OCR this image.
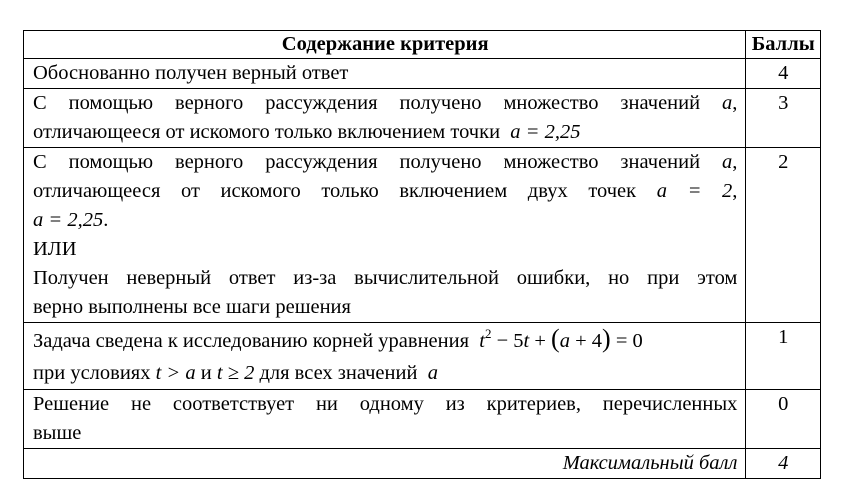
Содержание критерия	Баллы
Обоснованно получен верный ответ	4

С помощью верного рассуждения получено множество значений a,
отличающееся от искомого только включением точки a = 2,25	3

С помощью верного рассуждения получено множество значений a,
отличающееся от искомого только включением двух точек a = 2,
a = 2,25.
ИЛИ
Получен неверный ответ из-за вычислительной ошибки, но при этом
верно выполнены все шаги решения
	2

Задача сведена к исследованию корней уравнения $t^2 - 5t + (a + 4) = 0$
при условиях t > a и t ≥ 2 для всех значений a	1

Решение не соответствует ни одному из критериев, перечисленных
выше	0
Максимальный балл	4
